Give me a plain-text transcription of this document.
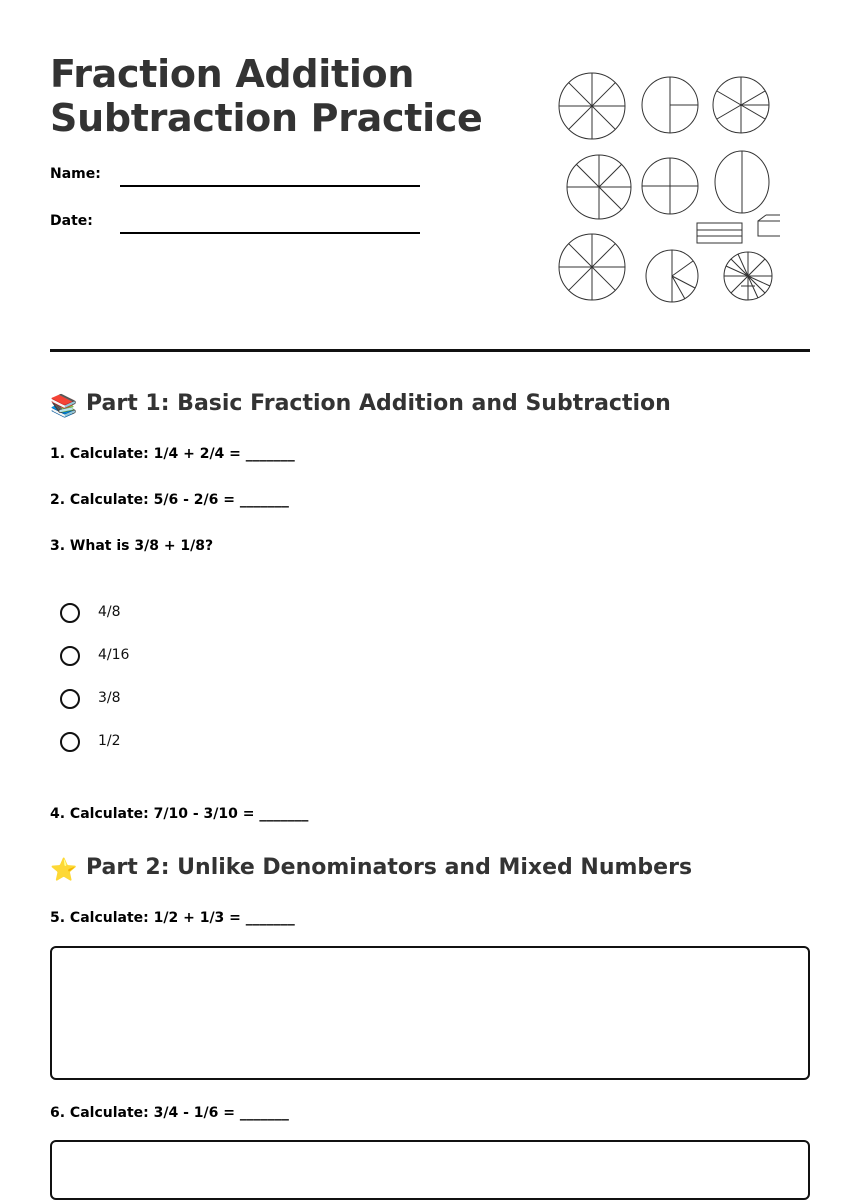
Fraction Addition
Subtraction Practice
Name:
Date:
📚 Part 1: Basic Fraction Addition and Subtraction
1. Calculate: 1/4 + 2/4 = _______
2. Calculate: 5/6 - 2/6 = _______
3. What is 3/8 + 1/8?
4/8
4/16
3/8
1/2
4. Calculate: 7/10 - 3/10 = _______
⭐ Part 2: Unlike Denominators and Mixed Numbers
5. Calculate: 1/2 + 1/3 = _______
6. Calculate: 3/4 - 1/6 = _______
